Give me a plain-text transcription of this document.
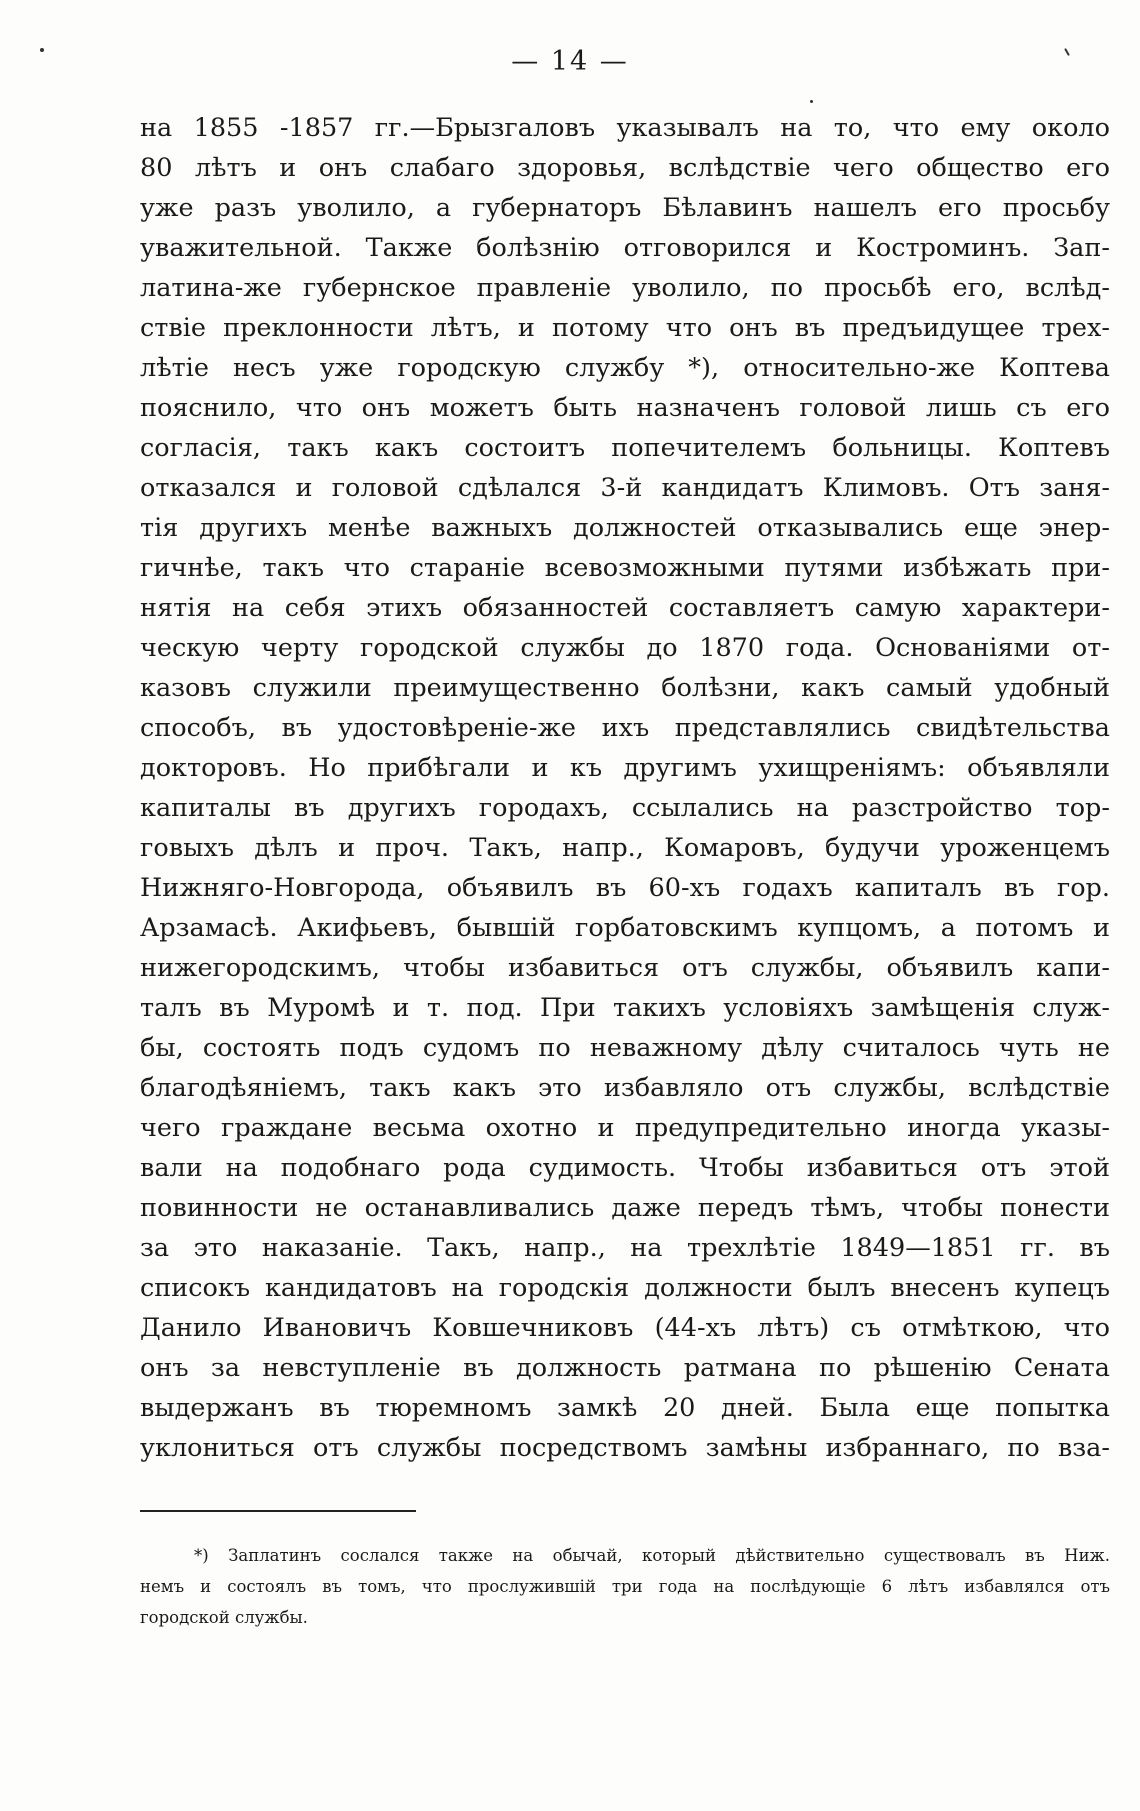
— 14 —
на 1855 -1857 гг.—Брызгаловъ указывалъ на то, что ему около
80 лѣтъ и онъ слабаго здоровья, вслѣдствіе чего общество его
уже разъ уволило, а губернаторъ Бѣлавинъ нашелъ его просьбу
уважительной. Также болѣзнію отговорился и Костроминъ. Зап-
латина-же губернское правленіе уволило, по просьбѣ его, вслѣд-
ствіе преклонности лѣтъ, и потому что онъ въ предъидущее трех-
лѣтіе несъ уже городскую службу *), относительно-же Коптева
пояснило, что онъ можетъ быть назначенъ головой лишь съ его
согласія, такъ какъ состоитъ попечителемъ больницы. Коптевъ
отказался и головой сдѣлался 3-й кандидатъ Климовъ. Отъ заня-
тія другихъ менѣе важныхъ должностей отказывались еще энер-
гичнѣе, такъ что стараніе всевозможными путями избѣжать при-
нятія на себя этихъ обязанностей составляетъ самую характери-
ческую черту городской службы до 1870 года. Основаніями от-
казовъ служили преимущественно болѣзни, какъ самый удобный
способъ, въ удостовѣреніе-же ихъ представлялись свидѣтельства
докторовъ. Но прибѣгали и къ другимъ ухищреніямъ: объявляли
капиталы въ другихъ городахъ, ссылались на разстройство тор-
говыхъ дѣлъ и проч. Такъ, напр., Комаровъ, будучи уроженцемъ
Нижняго-Новгорода, объявилъ въ 60-хъ годахъ капиталъ въ гор.
Арзамасѣ. Акифьевъ, бывшій горбатовскимъ купцомъ, а потомъ и
нижегородскимъ, чтобы избавиться отъ службы, объявилъ капи-
талъ въ Муромѣ и т. под. При такихъ условіяхъ замѣщенія служ-
бы, состоять подъ судомъ по неважному дѣлу считалось чуть не
благодѣяніемъ, такъ какъ это избавляло отъ службы, вслѣдствіе
чего граждане весьма охотно и предупредительно иногда указы-
вали на подобнаго рода судимость. Чтобы избавиться отъ этой
повинности не останавливались даже передъ тѣмъ, чтобы понести
за это наказаніе. Такъ, напр., на трехлѣтіе 1849—1851 гг. въ
списокъ кандидатовъ на городскія должности былъ внесенъ купецъ
Данило Ивановичъ Ковшечниковъ (44-хъ лѣтъ) съ отмѣткою, что
онъ за невступленіе въ должность ратмана по рѣшенію Сената
выдержанъ въ тюремномъ замкѣ 20 дней. Была еще попытка
уклониться отъ службы посредствомъ замѣны избраннаго, по вза-
*) Заплатинъ сослался также на обычай, который дѣйствительно существовалъ въ Ниж.
немъ и состоялъ въ томъ, что прослужившій три года на послѣдующіе 6 лѣтъ избавлялся отъ
городской службы.
